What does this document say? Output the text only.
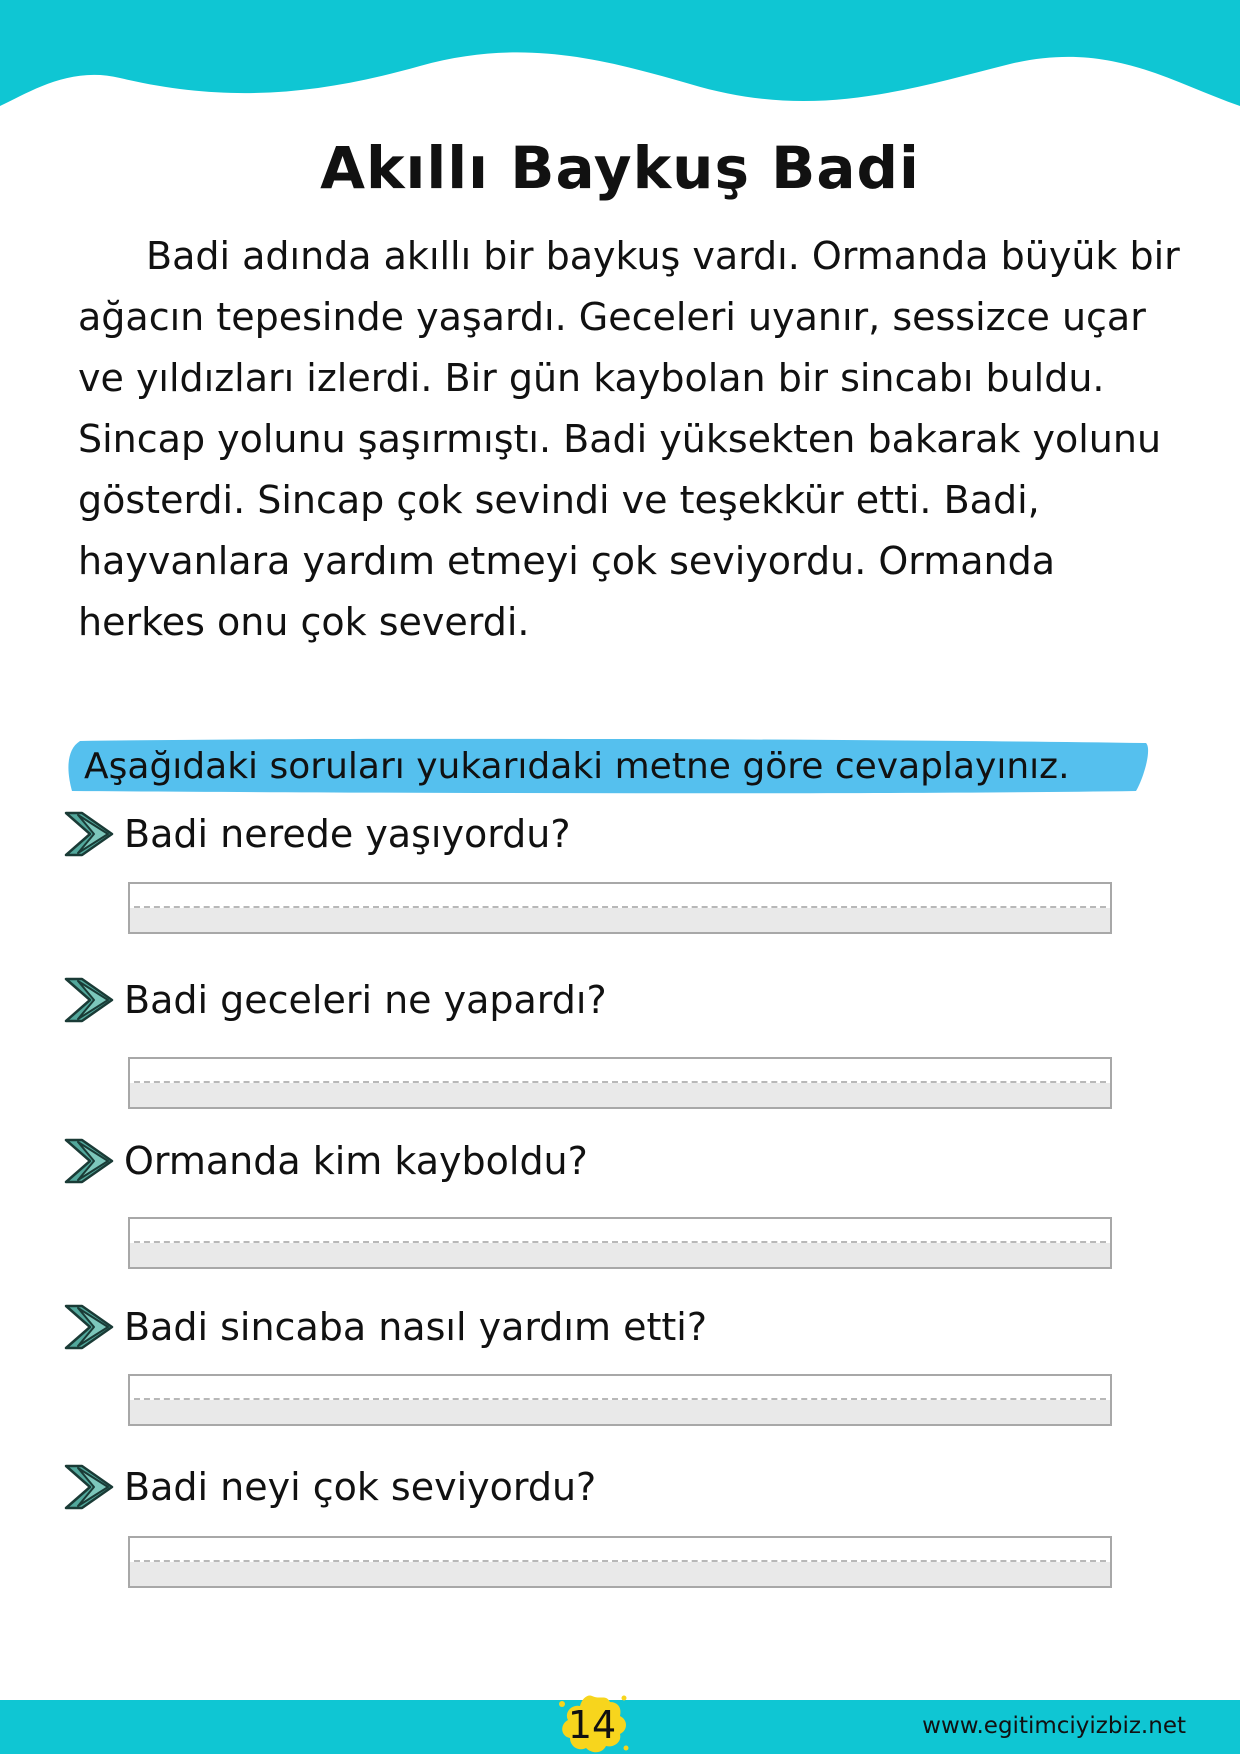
Akıllı Baykuş Badi

Badi adında akıllı bir baykuş vardı. Ormanda büyük bir ağacın tepesinde yaşardı. Geceleri uyanır, sessizce uçar ve yıldızları izlerdi. Bir gün kaybolan bir sincabı buldu. Sincap yolunu şaşırmıştı. Badi yüksekten bakarak yolunu gösterdi. Sincap çok sevindi ve teşekkür etti. Badi, hayvanlara yardım etmeyi çok seviyordu. Ormanda herkes onu çok severdi.

Aşağıdaki soruları yukarıdaki metne göre cevaplayınız.

Badi nerede yaşıyordu?
Badi geceleri ne yapardı?
Ormanda kim kayboldu?
Badi sincaba nasıl yardım etti?
Badi neyi çok seviyordu?
14	www.egitimciyizbiz.net
